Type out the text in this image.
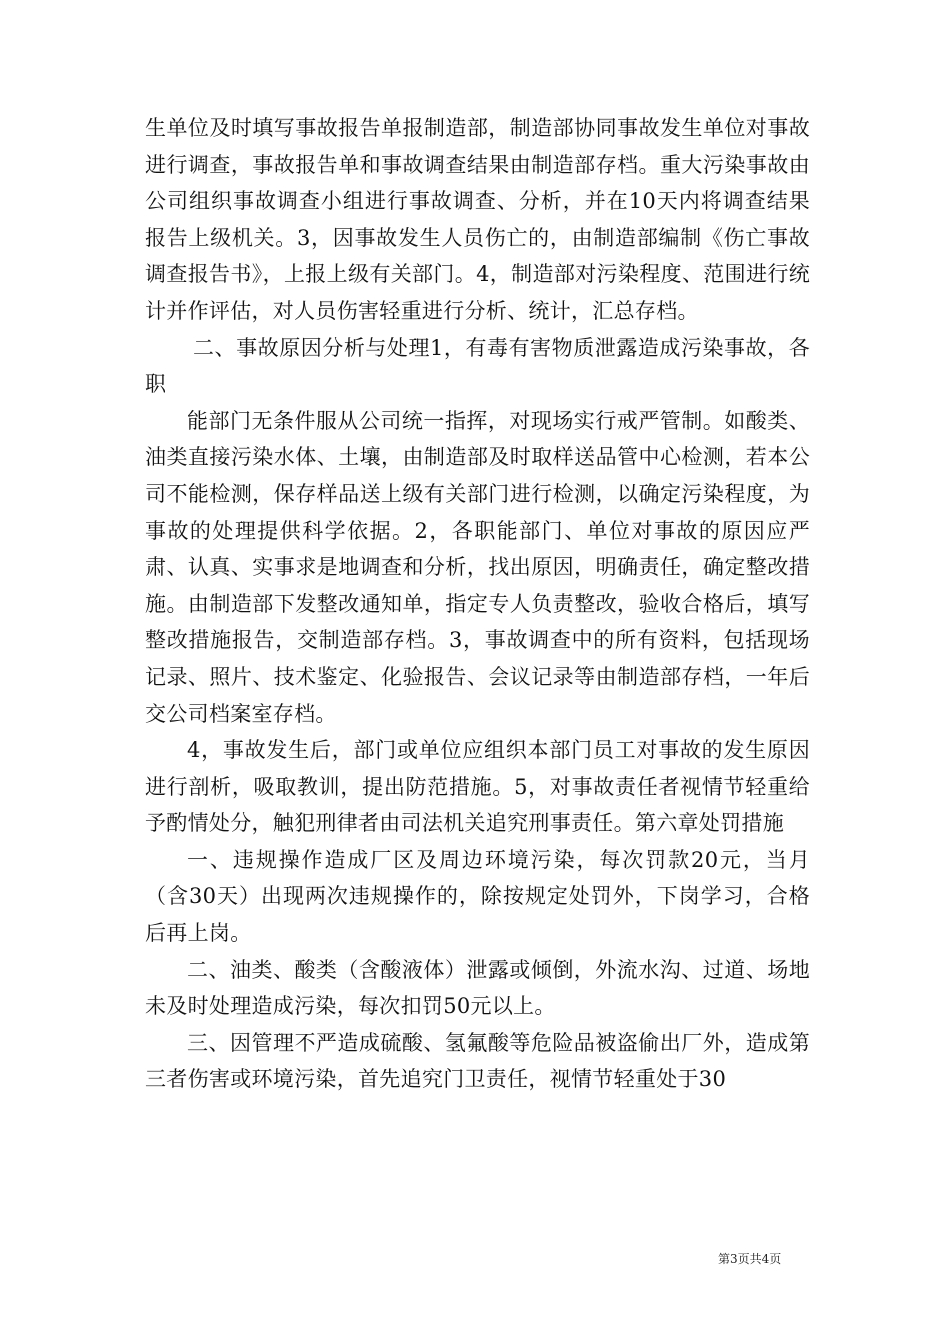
生单位及时填写事故报告单报制造部，制造部协同事故发生单位对事故进行调查，事故报告单和事故调查结果由制造部存档。重大污染事故由公司组织事故调查小组进行事故调查、分析，并在10天内将调查结果报告上级机关。3，因事故发生人员伤亡的，由制造部编制《伤亡事故调查报告书》，上报上级有关部门。4，制造部对污染程度、范围进行统计并作评估，对人员伤害轻重进行分析、统计，汇总存档。

二、事故原因分析与处理1，有毒有害物质泄露造成污染事故，各职

能部门无条件服从公司统一指挥，对现场实行戒严管制。如酸类、油类直接污染水体、土壤，由制造部及时取样送品管中心检测，若本公司不能检测，保存样品送上级有关部门进行检测，以确定污染程度，为事故的处理提供科学依据。2，各职能部门、单位对事故的原因应严肃、认真、实事求是地调查和分析，找出原因，明确责任，确定整改措施。由制造部下发整改通知单，指定专人负责整改，验收合格后，填写整改措施报告，交制造部存档。3，事故调查中的所有资料，包括现场记录、照片、技术鉴定、化验报告、会议记录等由制造部存档，一年后交公司档案室存档。

4，事故发生后，部门或单位应组织本部门员工对事故的发生原因进行剖析，吸取教训，提出防范措施。5，对事故责任者视情节轻重给予酌情处分，触犯刑律者由司法机关追究刑事责任。第六章处罚措施

一、违规操作造成厂区及周边环境污染，每次罚款20元，当月（含30天）出现两次违规操作的，除按规定处罚外，下岗学习，合格后再上岗。

二、油类、酸类（含酸液体）泄露或倾倒，外流水沟、过道、场地未及时处理造成污染，每次扣罚50元以上。

三、因管理不严造成硫酸、氢氟酸等危险品被盗偷出厂外，造成第三者伤害或环境污染，首先追究门卫责任，视情节轻重处于30

第3页共4页
